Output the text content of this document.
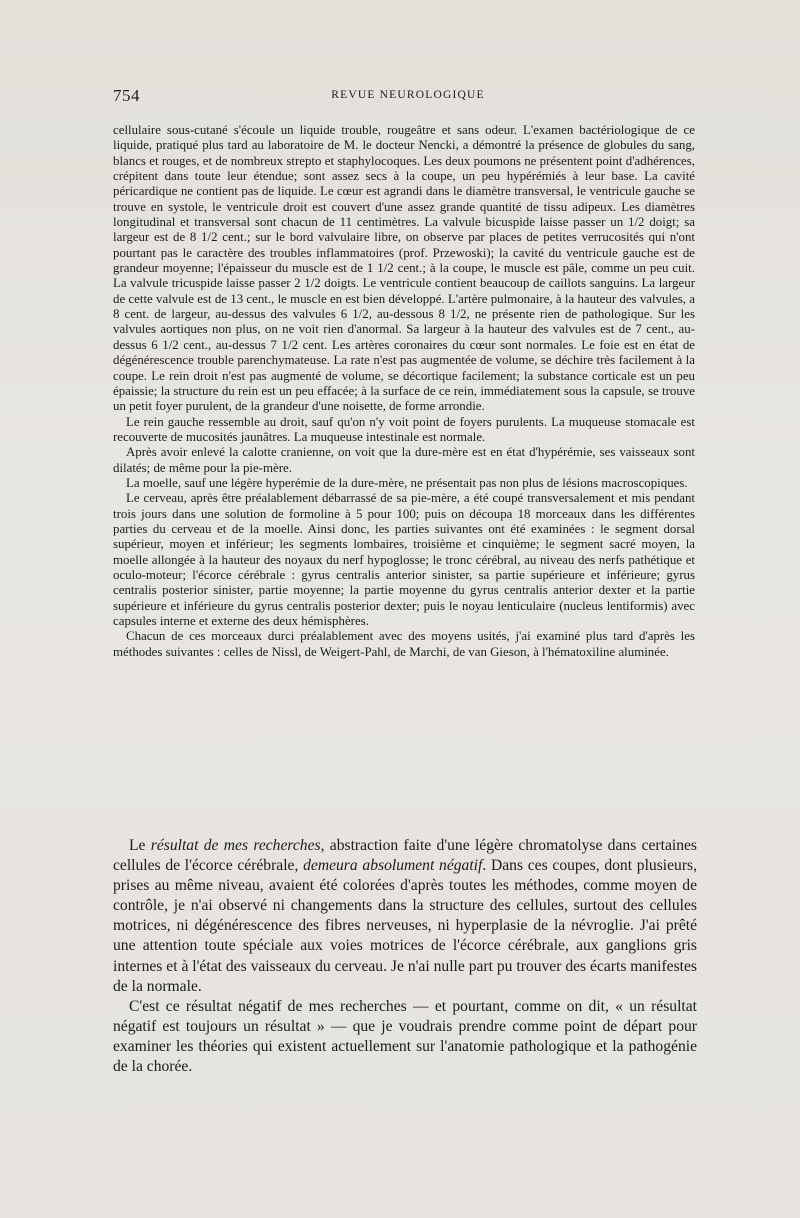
754	REVUE NEUROLOGIQUE

cellulaire sous-cutané s'écoule un liquide trouble, rougeâtre et sans odeur. L'examen bactériologique de ce liquide, pratiqué plus tard au laboratoire de M. le docteur Nencki, a démontré la présence de globules du sang, blancs et rouges, et de nombreux strepto et staphylocoques. Les deux poumons ne présentent point d'adhérences, crépitent dans toute leur étendue; sont assez secs à la coupe, un peu hypérémiés à leur base. La cavité péricardique ne contient pas de liquide. Le cœur est agrandi dans le diamètre transversal, le ventricule gauche se trouve en systole, le ventricule droit est couvert d'une assez grande quantité de tissu adipeux. Les diamètres longitudinal et transversal sont chacun de 11 centimètres. La valvule bicuspide laisse passer un 1/2 doigt; sa largeur est de 8 1/2 cent.; sur le bord valvulaire libre, on observe par places de petites verrucosités qui n'ont pourtant pas le caractère des troubles inflammatoires (prof. Przewoski); la cavité du ventricule gauche est de grandeur moyenne; l'épaisseur du muscle est de 1 1/2 cent.; à la coupe, le muscle est pâle, comme un peu cuit. La valvule tricuspide laisse passer 2 1/2 doigts. Le ventricule contient beaucoup de caillots sanguins. La largeur de cette valvule est de 13 cent., le muscle en est bien développé. L'artère pulmonaire, à la hauteur des valvules, a 8 cent. de largeur, au-dessus des valvules 6 1/2, au-dessous 8 1/2, ne présente rien de pathologique. Sur les valvules aortiques non plus, on ne voit rien d'anormal. Sa largeur à la hauteur des valvules est de 7 cent., au-dessus 6 1/2 cent., au-dessus 7 1/2 cent. Les artères coronaires du cœur sont normales. Le foie est en état de dégénérescence trouble parenchymateuse. La rate n'est pas augmentée de volume, se déchire très facilement à la coupe. Le rein droit n'est pas augmenté de volume, se décortique facilement; la substance corticale est un peu épaissie; la structure du rein est un peu effacée; à la surface de ce rein, immédiatement sous la capsule, se trouve un petit foyer purulent, de la grandeur d'une noisette, de forme arrondie.

Le rein gauche ressemble au droit, sauf qu'on n'y voit point de foyers purulents. La muqueuse stomacale est recouverte de mucosités jaunâtres. La muqueuse intestinale est normale.

Après avoir enlevé la calotte cranienne, on voit que la dure-mère est en état d'hypérémie, ses vaisseaux sont dilatés; de même pour la pie-mère.

La moelle, sauf une légère hyperémie de la dure-mère, ne présentait pas non plus de lésions macroscopiques.

Le cerveau, après être préalablement débarrassé de sa pie-mère, a été coupé transversalement et mis pendant trois jours dans une solution de formoline à 5 pour 100; puis on découpa 18 morceaux dans les différentes parties du cerveau et de la moelle. Ainsi donc, les parties suivantes ont été examinées : le segment dorsal supérieur, moyen et inférieur; les segments lombaires, troisième et cinquième; le segment sacré moyen, la moelle allongée à la hauteur des noyaux du nerf hypoglosse; le tronc cérébral, au niveau des nerfs pathétique et oculo-moteur; l'écorce cérébrale : gyrus centralis anterior sinister, sa partie supérieure et inférieure; gyrus centralis posterior sinister, partie moyenne; la partie moyenne du gyrus centralis anterior dexter et la partie supérieure et inférieure du gyrus centralis posterior dexter; puis le noyau lenticulaire (nucleus lentiformis) avec capsules interne et externe des deux hémisphères.

Chacun de ces morceaux durci préalablement avec des moyens usités, j'ai examiné plus tard d'après les méthodes suivantes : celles de Nissl, de Weigert-Pahl, de Marchi, de van Gieson, à l'hématoxiline aluminée.

Le résultat de mes recherches, abstraction faite d'une légère chromatolyse dans certaines cellules de l'écorce cérébrale, demeura absolument négatif. Dans ces coupes, dont plusieurs, prises au même niveau, avaient été colorées d'après toutes les méthodes, comme moyen de contrôle, je n'ai observé ni changements dans la structure des cellules, surtout des cellules motrices, ni dégénérescence des fibres nerveuses, ni hyperplasie de la névroglie. J'ai prêté une attention toute spéciale aux voies motrices de l'écorce cérébrale, aux ganglions gris internes et à l'état des vaisseaux du cerveau. Je n'ai nulle part pu trouver des écarts manifestes de la normale.

C'est ce résultat négatif de mes recherches — et pourtant, comme on dit, « un résultat négatif est toujours un résultat » — que je voudrais prendre comme point de départ pour examiner les théories qui existent actuellement sur l'anatomie pathologique et la pathogénie de la chorée.
